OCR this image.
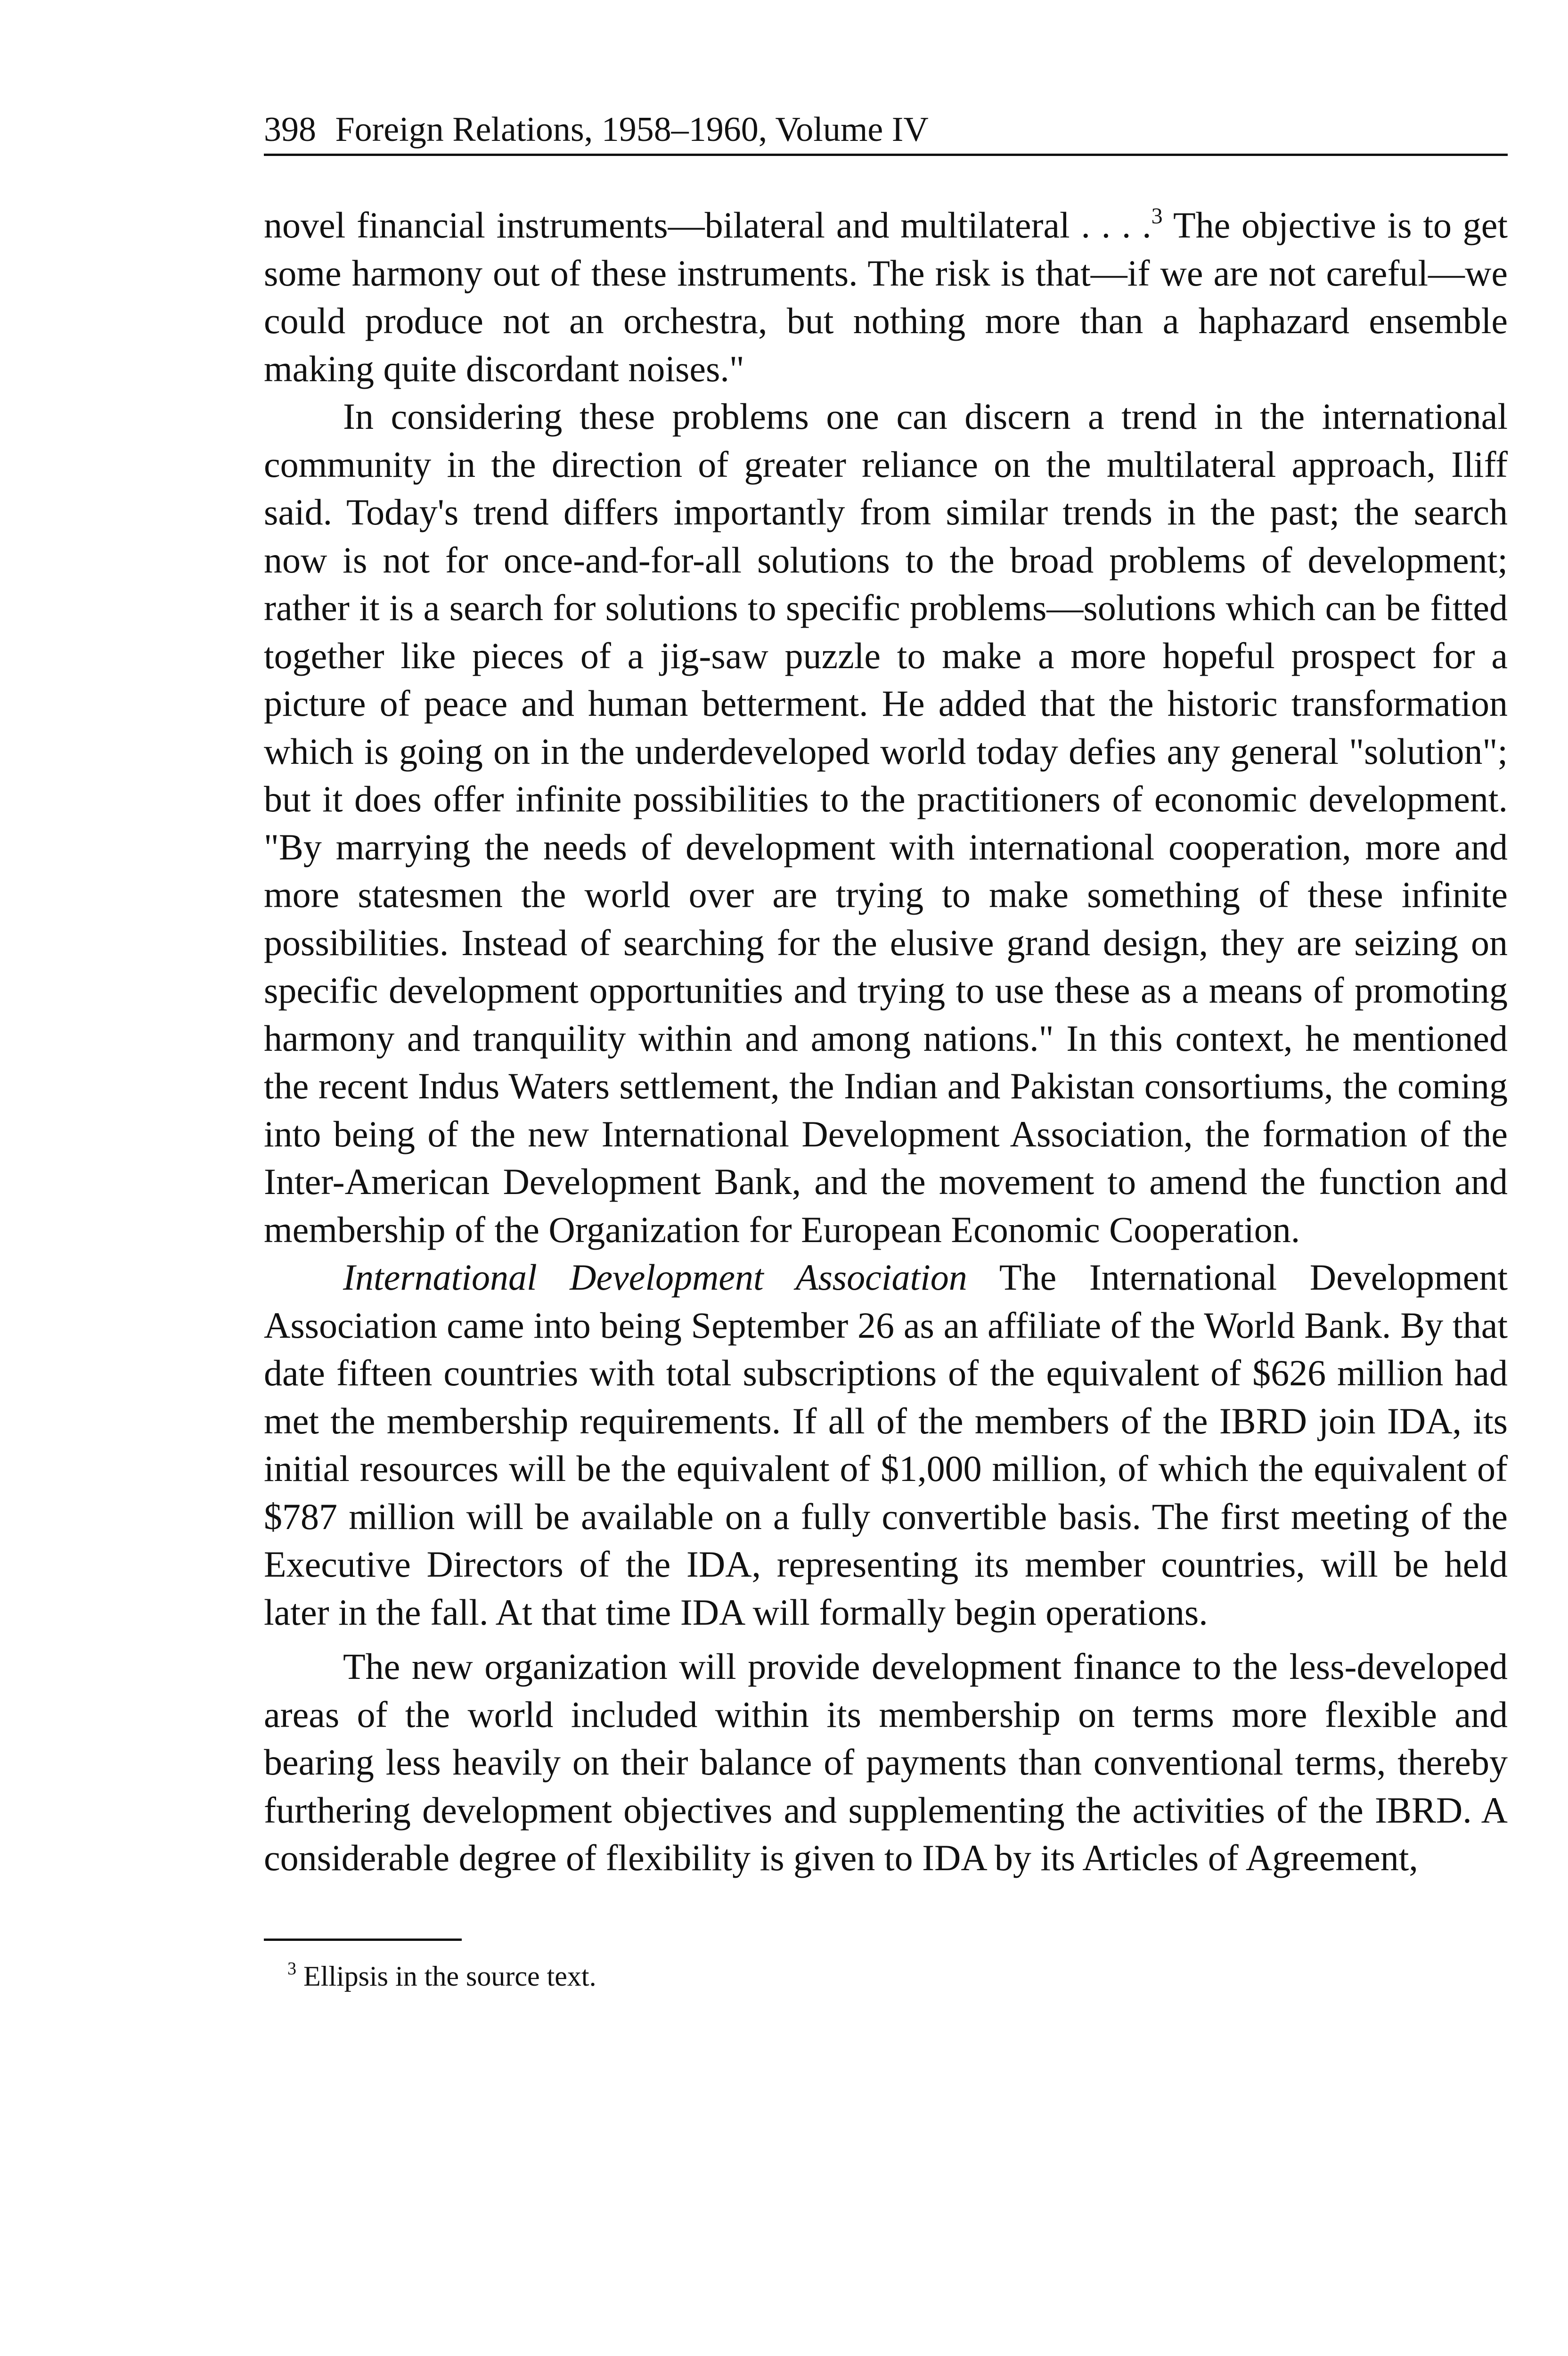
398 Foreign Relations, 1958–1960, Volume IV

novel financial instruments—bilateral and multilateral . . . .$^3$ The objective is to get some harmony out of these instruments. The risk is that—if we are not careful—we could produce not an orchestra, but nothing more than a haphazard ensemble making quite discordant noises."

In considering these problems one can discern a trend in the international community in the direction of greater reliance on the multilateral approach, Iliff said. Today's trend differs importantly from similar trends in the past; the search now is not for once-and-for-all solutions to the broad problems of development; rather it is a search for solutions to specific problems—solutions which can be fitted together like pieces of a jig-saw puzzle to make a more hopeful prospect for a picture of peace and human betterment. He added that the historic transformation which is going on in the underdeveloped world today defies any general "solution"; but it does offer infinite possibilities to the practitioners of economic development. "By marrying the needs of development with international cooperation, more and more statesmen the world over are trying to make something of these infinite possibilities. Instead of searching for the elusive grand design, they are seizing on specific development opportunities and trying to use these as a means of promoting harmony and tranquility within and among nations." In this context, he mentioned the recent Indus Waters settlement, the Indian and Pakistan consortiums, the coming into being of the new International Development Association, the formation of the Inter-American Development Bank, and the movement to amend the function and membership of the Organization for European Economic Cooperation.

International Development Association The International Development Association came into being September 26 as an affiliate of the World Bank. By that date fifteen countries with total subscriptions of the equivalent of $626 million had met the membership requirements. If all of the members of the IBRD join IDA, its initial resources will be the equivalent of $1,000 million, of which the equivalent of $787 million will be available on a fully convertible basis. The first meeting of the Executive Directors of the IDA, representing its member countries, will be held later in the fall. At that time IDA will formally begin operations.

The new organization will provide development finance to the less-developed areas of the world included within its membership on terms more flexible and bearing less heavily on their balance of payments than conventional terms, thereby furthering development objectives and supplementing the activities of the IBRD. A considerable degree of flexibility is given to IDA by its Articles of Agreement,

$^3$ Ellipsis in the source text.
